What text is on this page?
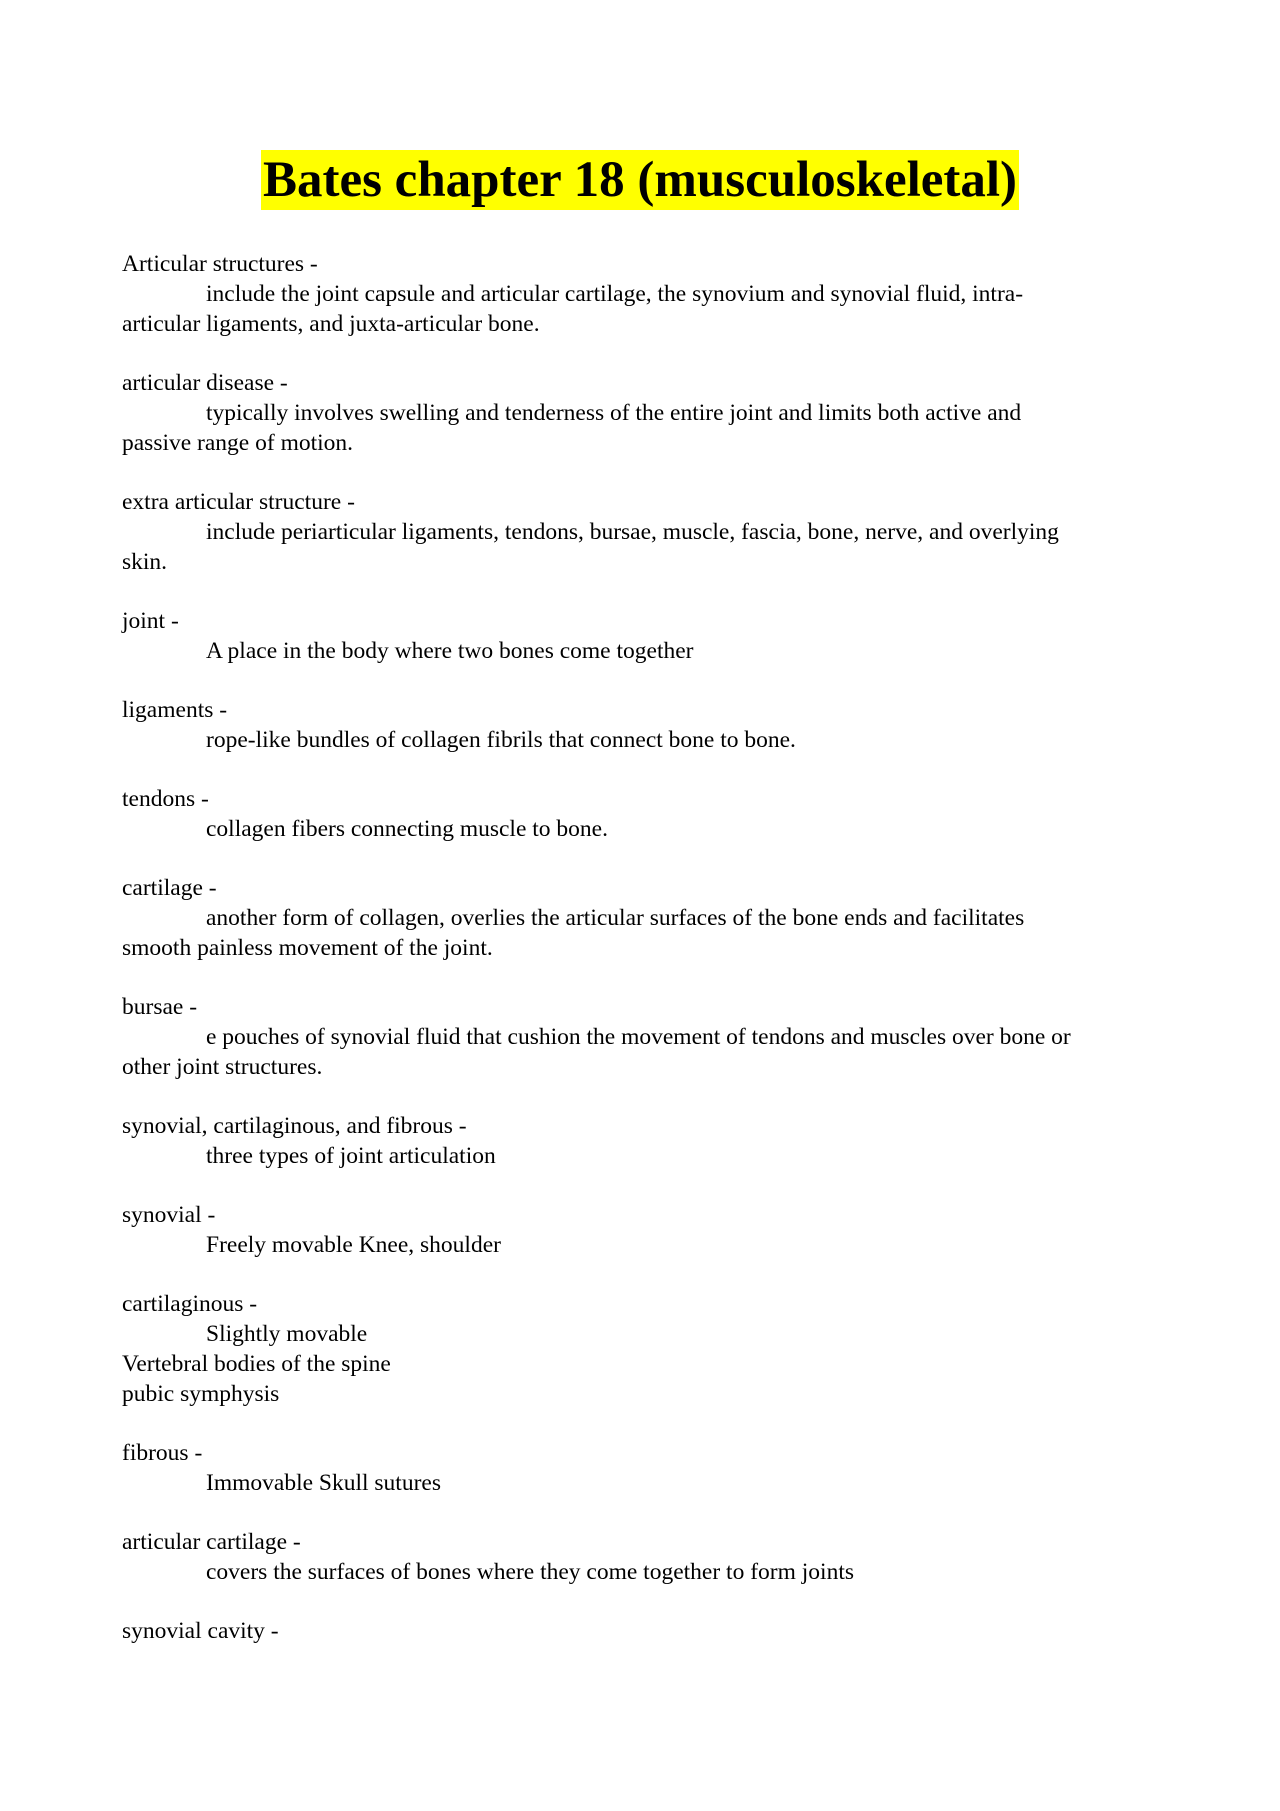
Bates chapter 18 (musculoskeletal)
Articular structures -
include the joint capsule and articular cartilage, the synovium and synovial fluid, intra-
articular ligaments, and juxta-articular bone.
articular disease -
typically involves swelling and tenderness of the entire joint and limits both active and
passive range of motion.
extra articular structure -
include periarticular ligaments, tendons, bursae, muscle, fascia, bone, nerve, and overlying
skin.
joint -
A place in the body where two bones come together
ligaments -
rope-like bundles of collagen fibrils that connect bone to bone.
tendons -
collagen fibers connecting muscle to bone.
cartilage -
another form of collagen, overlies the articular surfaces of the bone ends and facilitates
smooth painless movement of the joint.
bursae -
e pouches of synovial fluid that cushion the movement of tendons and muscles over bone or
other joint structures.
synovial, cartilaginous, and fibrous -
three types of joint articulation
synovial -
Freely movable Knee, shoulder
cartilaginous -
Slightly movable
Vertebral bodies of the spine
pubic symphysis
fibrous -
Immovable Skull sutures
articular cartilage -
covers the surfaces of bones where they come together to form joints
synovial cavity -
